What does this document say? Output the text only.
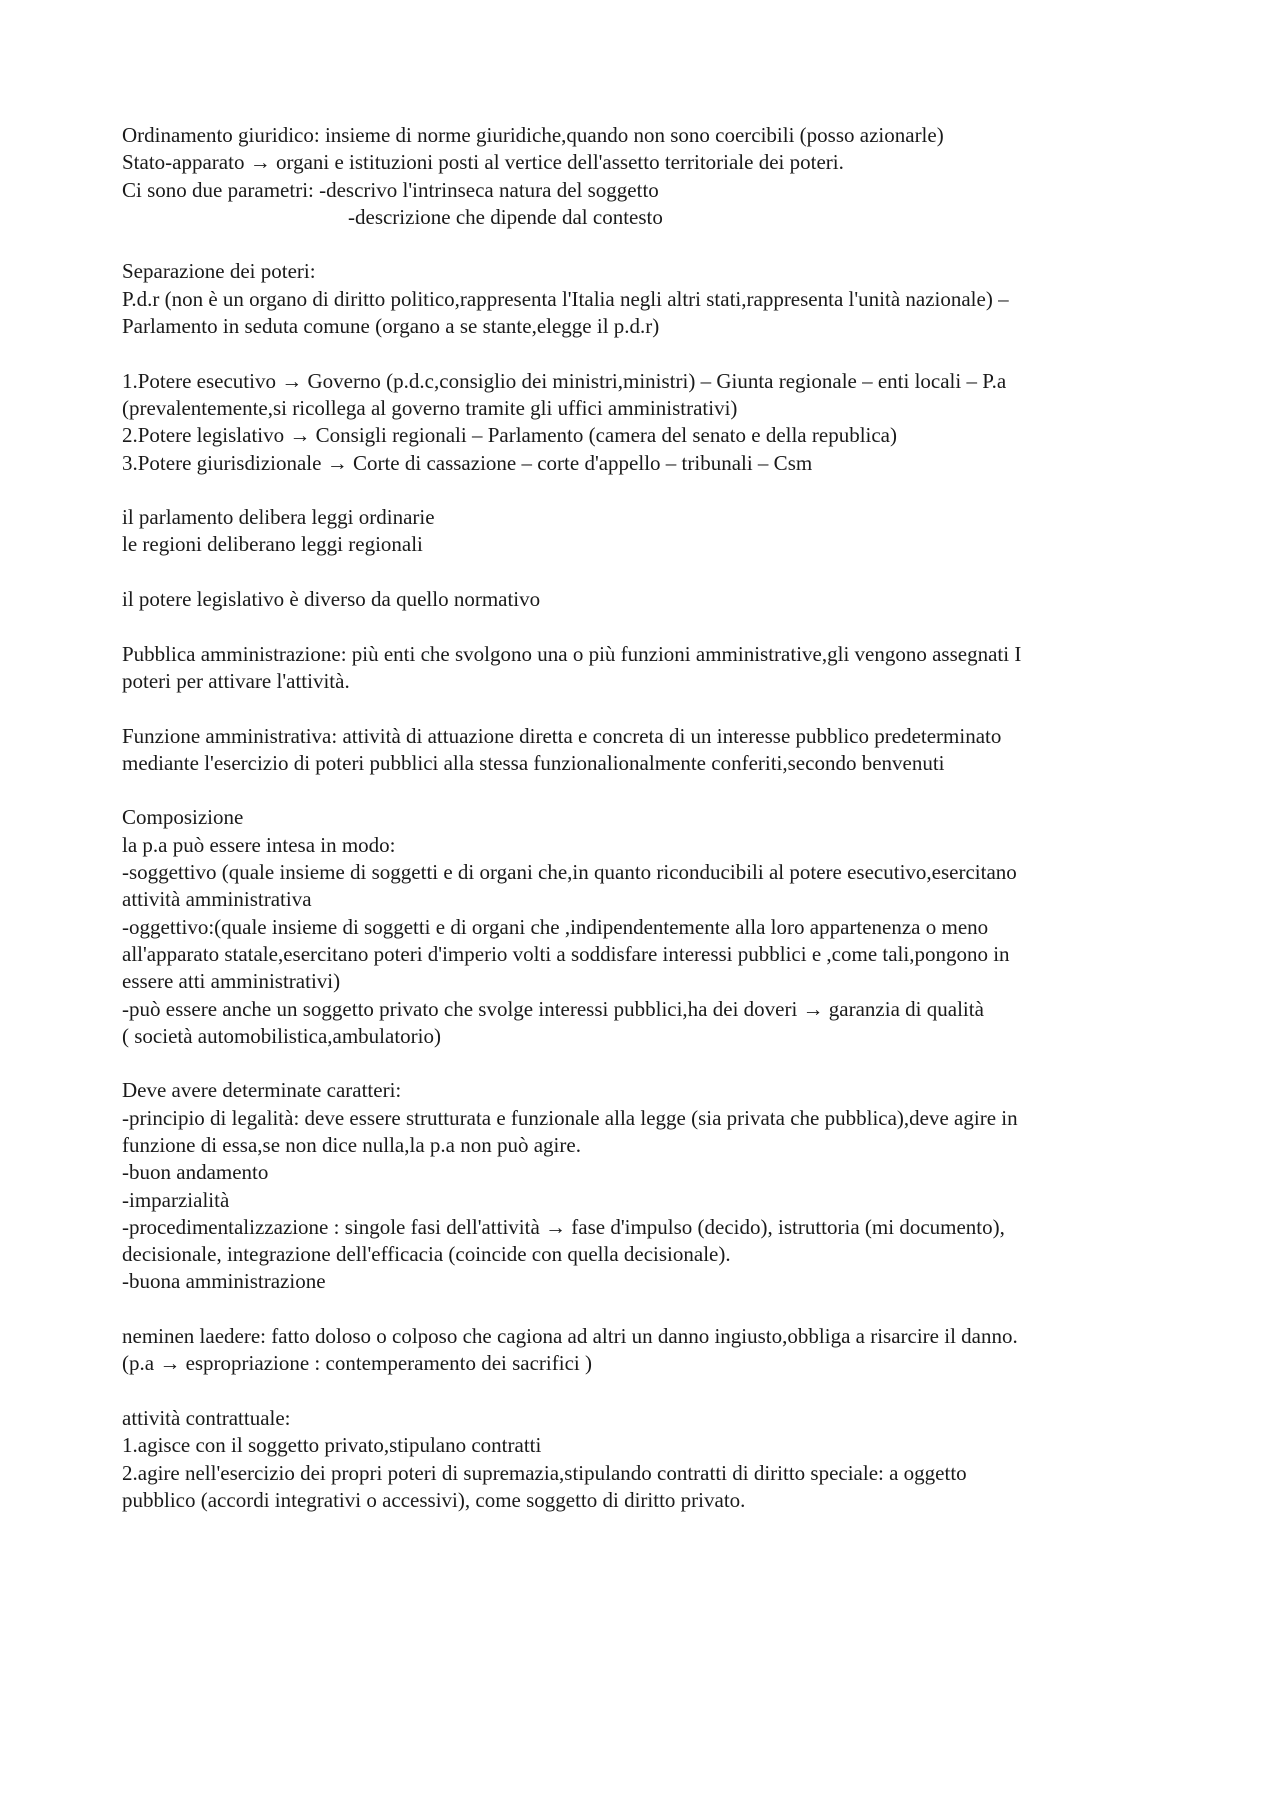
Ordinamento giuridico: insieme di norme giuridiche,quando non sono coercibili (posso azionarle)
Stato-apparato → organi e istituzioni posti al vertice dell'assetto territoriale dei poteri.
Ci sono due parametri: -descrivo l'intrinseca natura del soggetto
-descrizione che dipende dal contesto
Separazione dei poteri:
P.d.r (non è un organo di diritto politico,rappresenta l'Italia negli altri stati,rappresenta l'unità nazionale) –
Parlamento in seduta comune (organo a se stante,elegge il p.d.r)
1.Potere esecutivo → Governo (p.d.c,consiglio dei ministri,ministri) – Giunta regionale – enti locali – P.a
(prevalentemente,si ricollega al governo tramite gli uffici amministrativi)
2.Potere legislativo → Consigli regionali – Parlamento (camera del senato e della republica)
3.Potere giurisdizionale → Corte di cassazione – corte d'appello – tribunali – Csm
il parlamento delibera leggi ordinarie
le regioni deliberano leggi regionali
il potere legislativo è diverso da quello normativo
Pubblica amministrazione: più enti che svolgono una o più funzioni amministrative,gli vengono assegnati I
poteri per attivare l'attività.
Funzione amministrativa: attività di attuazione diretta e concreta di un interesse pubblico predeterminato
mediante l'esercizio di poteri pubblici alla stessa funzionalionalmente conferiti,secondo benvenuti
Composizione
la p.a può essere intesa in modo:
-soggettivo (quale insieme di soggetti e di organi che,in quanto riconducibili al potere esecutivo,esercitano
attività amministrativa
-oggettivo:(quale insieme di soggetti e di organi che ,indipendentemente alla loro appartenenza o meno
all'apparato statale,esercitano poteri d'imperio volti a soddisfare interessi pubblici e ,come tali,pongono in
essere atti amministrativi)
-può essere anche un soggetto privato che svolge interessi pubblici,ha dei doveri → garanzia di qualità
( società automobilistica,ambulatorio)
Deve avere determinate caratteri:
-principio di legalità: deve essere strutturata e funzionale alla legge (sia privata che pubblica),deve agire in
funzione di essa,se non dice nulla,la p.a non può agire.
-buon andamento
-imparzialità
-procedimentalizzazione : singole fasi dell'attività → fase d'impulso (decido), istruttoria (mi documento),
decisionale, integrazione dell'efficacia (coincide con quella decisionale).
-buona amministrazione
neminen laedere: fatto doloso o colposo che cagiona ad altri un danno ingiusto,obbliga a risarcire il danno.
(p.a → espropriazione : contemperamento dei sacrifici )
attività contrattuale:
1.agisce con il soggetto privato,stipulano contratti
2.agire nell'esercizio dei propri poteri di supremazia,stipulando contratti di diritto speciale: a oggetto
pubblico (accordi integrativi o accessivi), come soggetto di diritto privato.
